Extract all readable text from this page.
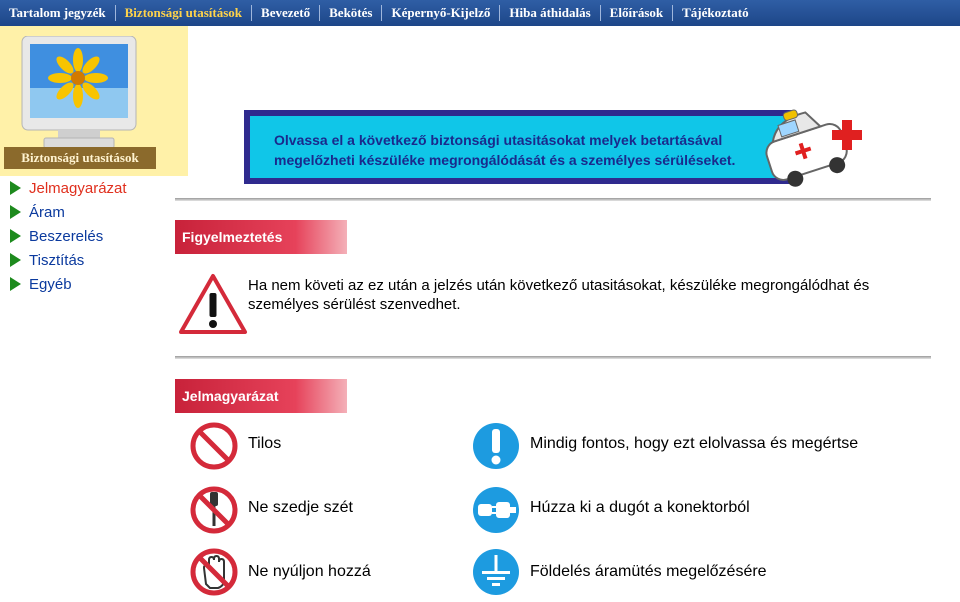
Tartalom jegyzék	Biztonsági utasítások	Bevezető	Bekötés	Képernyő-Kijelző	Hiba áthidalás	Előírások	Tájékoztató
Biztonsági utasítások
Jelmagyarázat
Áram
Beszerelés
Tisztítás
Egyéb
Olvassa el a következő biztonsági utasitásokat melyek betartásával
megelőzheti készüléke megrongálódását és a személyes sérüléseket.
Figyelmeztetés
Ha nem követi az ez után a jelzés után következő utasitásokat, készüléke megrongálódhat és személyes sérülést szenvedhet.
Jelmagyarázat
Tilos	Mindig fontos, hogy ezt elolvassa és megértse
Ne szedje szét	Húzza ki a dugót a konektorból
Ne nyúljon hozzá	Földelés áramütés megelőzésére
